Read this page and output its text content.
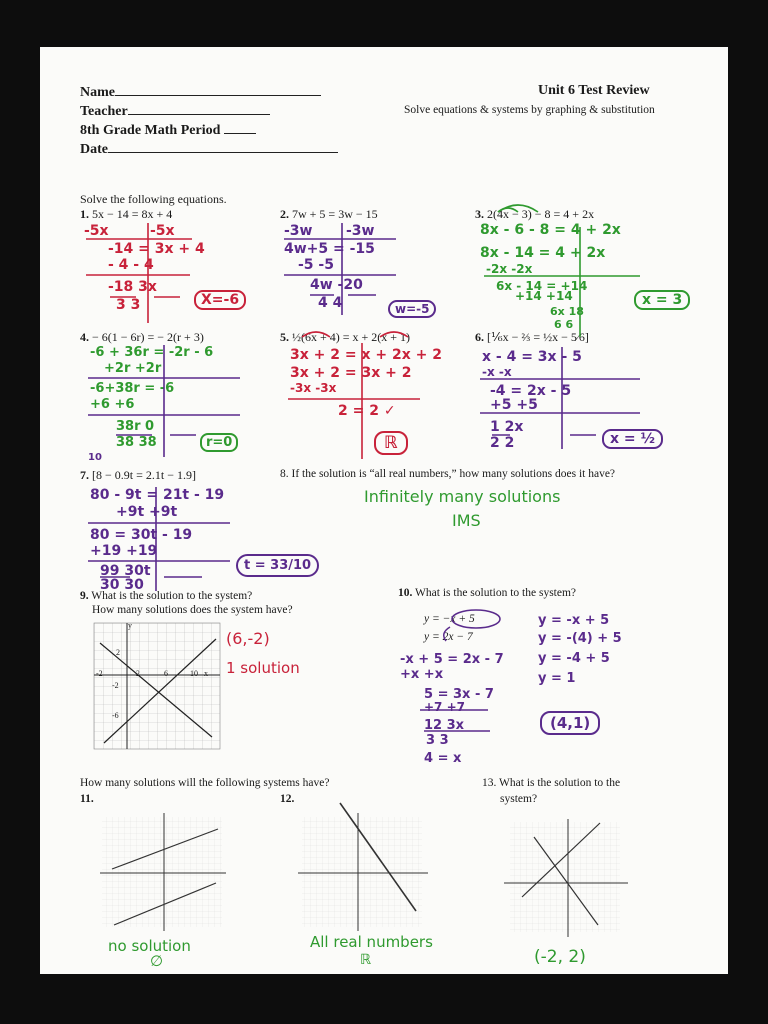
Name
Teacher
8th Grade Math Period
Date
Unit 6 Test Review
Solve equations & systems by graphing & substitution
Solve the following equations.
1. 5x − 14 = 8x + 4	2. 7w + 5 = 3w − 15	3. 2(4x − 3) − 8 = 4 + 2x
-5x	-5x
-14 = 3x + 4
- 4 - 4
-18 3x
3 3	X=-6
-3w -3w
4w+5 = -15
-5 -5
4w -20
4 4	w=-5
8x - 6 - 8 = 4 + 2x
8x - 14 = 4 + 2x
-2x -2x
6x - 14 = +14
+14 +14
6x 18
6 6
x = 3
4. − 6(1 − 6r) = − 2(r + 3)	5. ½(6x + 4) = x + 2(x + 1)	6. [⅙x − ⅔ = ½x − 5⁄6]
-6 + 36r = -2r - 6
+2r +2r
-6+38r = -6
+6 +6
38r 0
38 38	r=0
3x + 2 = x + 2x + 2
3x + 2 = 3x + 2
-3x -3x
2 = 2 ✓
ℝ
x - 4 = 3x - 5
-x -x
-4 = 2x - 5
+5 +5
1 2x
2 2	x = ½
10
7. [8 − 0.9t = 2.1t − 1.9]
80 - 9t = 21t - 19
+9t +9t
80 = 30t - 19
+19 +19
99 30t
30 30
t = 33/10
8. If the solution is “all real numbers,” how many solutions does it have?
Infinitely many solutions
IMS
9. What is the solution to the system?
How many solutions does the system have?
(6,-2)
1 solution
10. What is the solution to the system?
y = −x + 5
y = 2x − 7
-x + 5 = 2x - 7
+x +x
5 = 3x - 7
+7 +7
12 3x
3 3
4 = x
y = -x + 5
y = -(4) + 5
y = -4 + 5
y = 1
(4,1)
How many solutions will the following systems have?
11.	12.
13. What is the solution to the
system?
no solution
∅
All real numbers
ℝ	(-2, 2)
